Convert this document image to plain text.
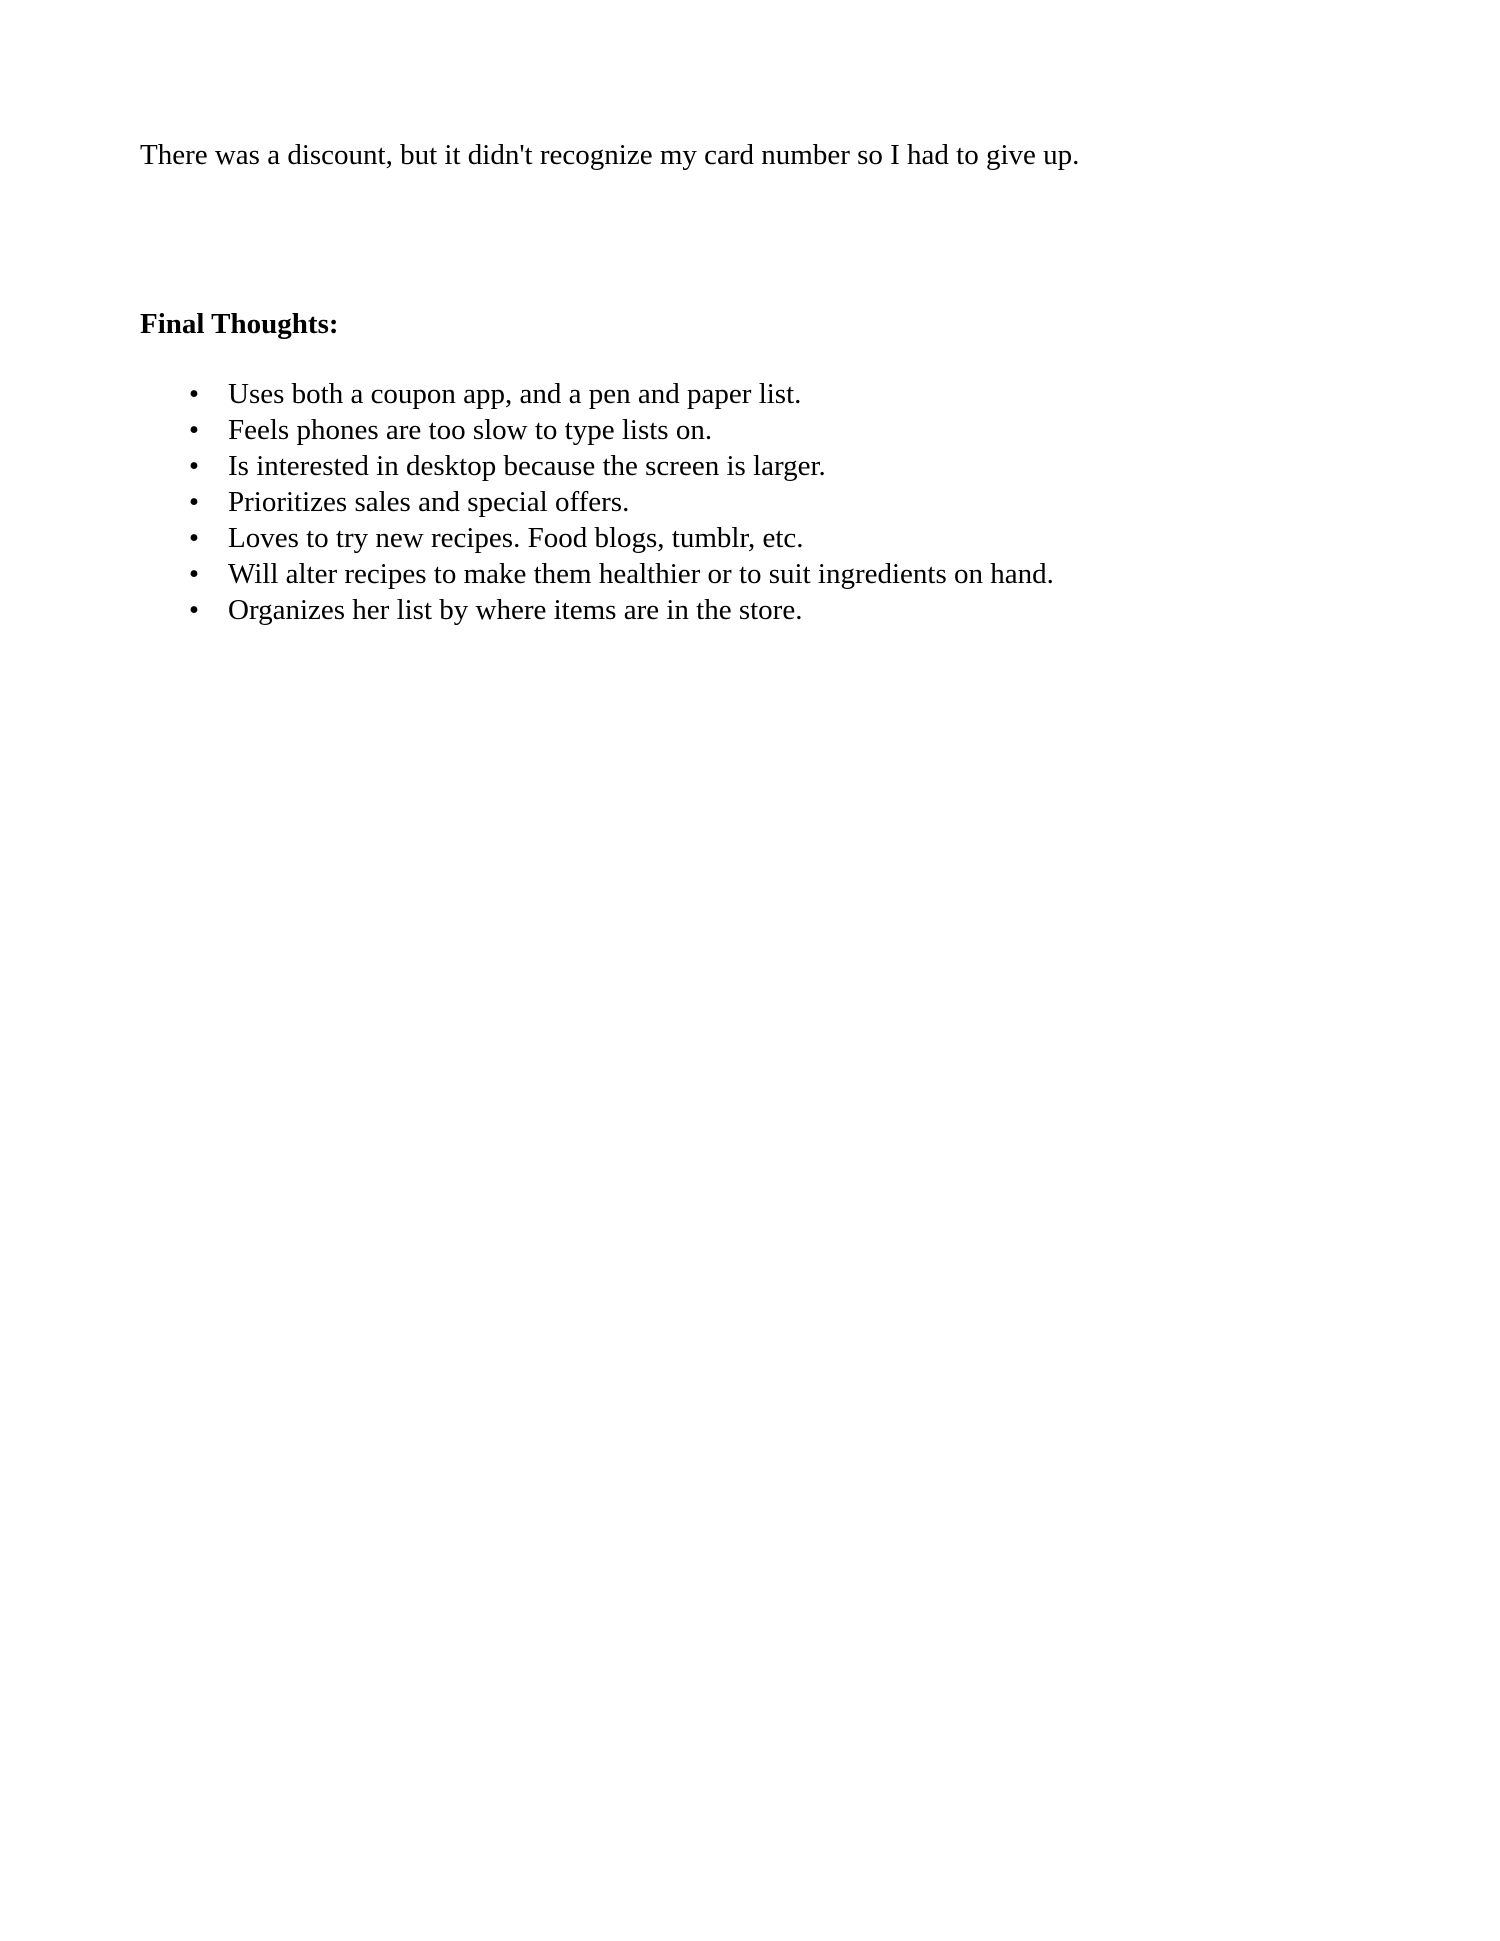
There was a discount, but it didn't recognize my card number so I had to give up.

Final Thoughts:

• Uses both a coupon app, and a pen and paper list.
• Feels phones are too slow to type lists on.
• Is interested in desktop because the screen is larger.
• Prioritizes sales and special offers.
• Loves to try new recipes. Food blogs, tumblr, etc.
• Will alter recipes to make them healthier or to suit ingredients on hand.
• Organizes her list by where items are in the store.
